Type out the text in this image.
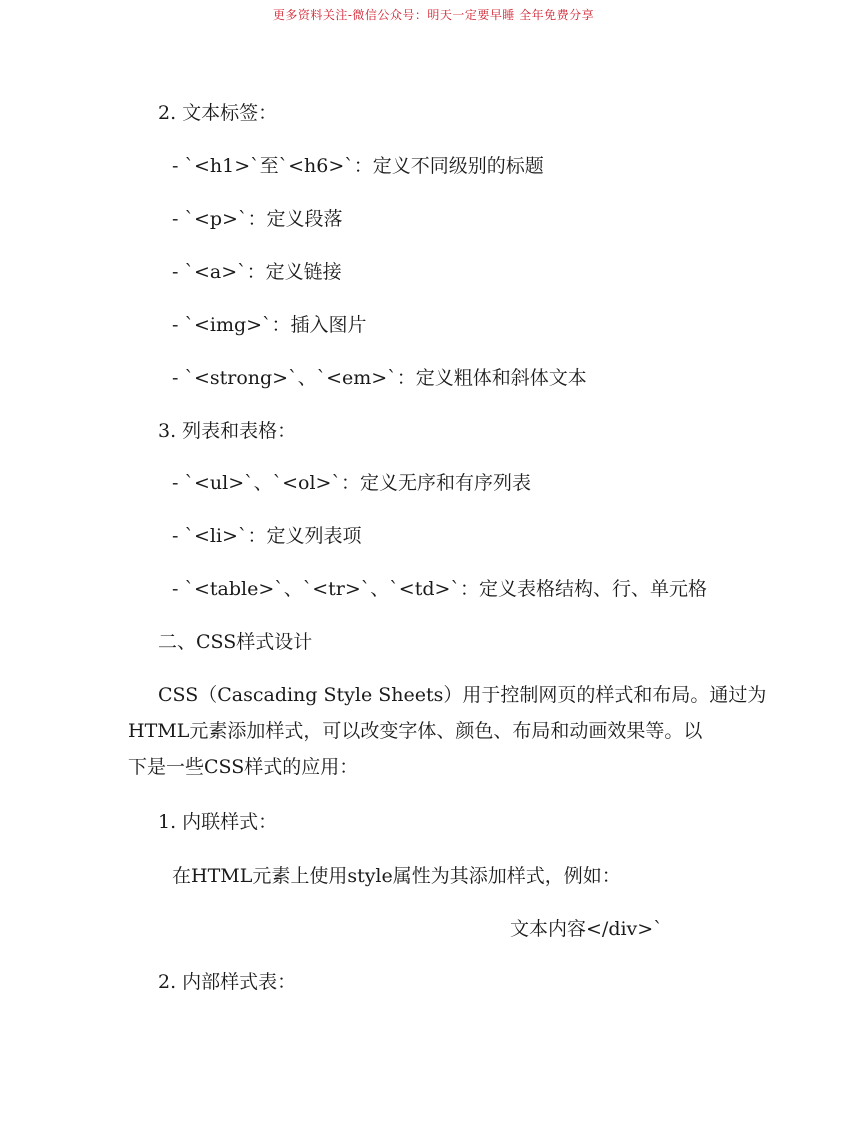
更多资料关注-微信公众号：明天一定要早睡 全年免费分享
2. 文本标签：
- `<h1>`至`<h6>`：定义不同级别的标题
- `<p>`：定义段落
- `<a>`：定义链接
- `<img>`：插入图片
- `<strong>`、`<em>`：定义粗体和斜体文本
3. 列表和表格：
- `<ul>`、`<ol>`：定义无序和有序列表
- `<li>`：定义列表项
- `<table>`、`<tr>`、`<td>`：定义表格结构、行、单元格
二、CSS样式设计
CSS（Cascading Style Sheets）用于控制网页的样式和布局。通过为
HTML元素添加样式，可以改变字体、颜色、布局和动画效果等。以
下是一些CSS样式的应用：
1. 内联样式：
在HTML元素上使用style属性为其添加样式，例如：
文本内容</div>`
2. 内部样式表：
